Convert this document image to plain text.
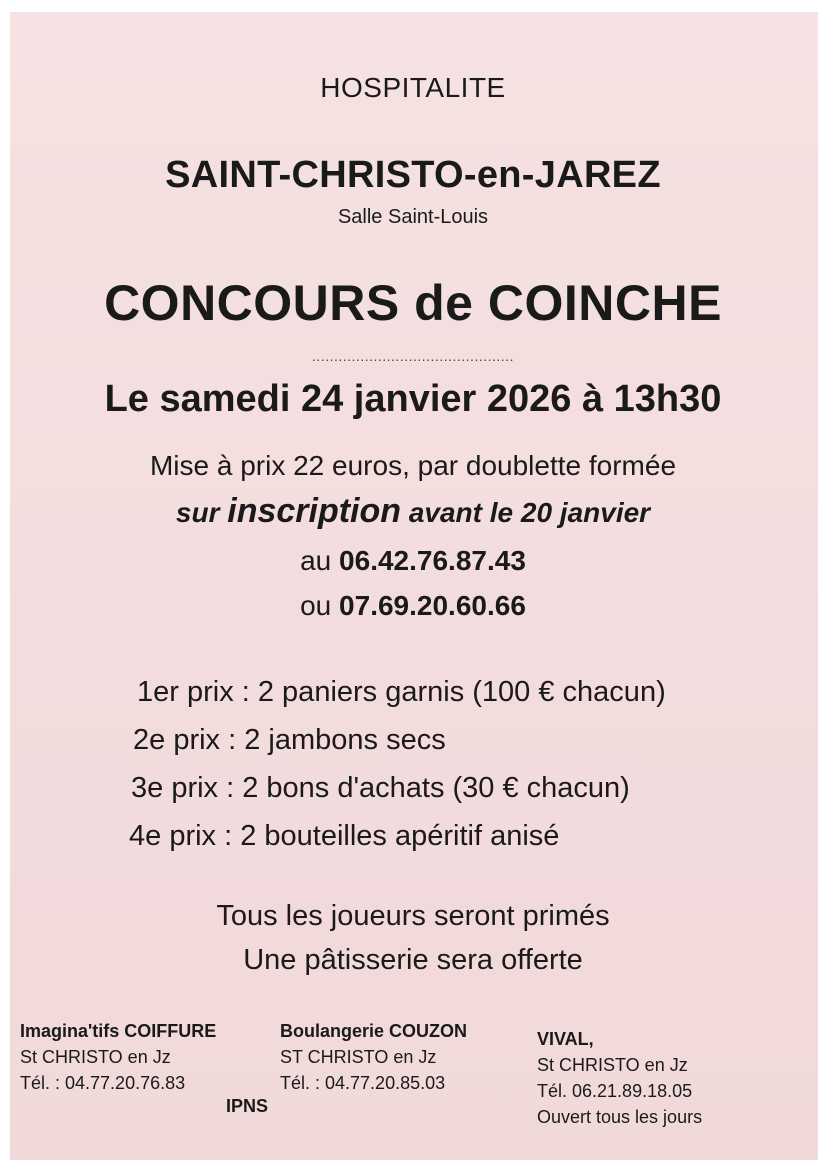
HOSPITALITE
SAINT-CHRISTO-en-JAREZ
Salle Saint-Louis
CONCOURS de COINCHE
..............................................
Le samedi 24 janvier 2026 à 13h30
Mise à prix 22 euros, par doublette formée
sur inscription avant le 20 janvier
au 06.42.76.87.43
ou 07.69.20.60.66
1er prix : 2 paniers garnis (100 € chacun)
2e prix : 2 jambons secs
3e prix : 2 bons d'achats (30 € chacun)
4e prix : 2 bouteilles apéritif anisé
Tous les joueurs seront primés
Une pâtisserie sera offerte
Imagina'tifs COIFFURE
St CHRISTO en Jz
Tél. : 04.77.20.76.83
Boulangerie COUZON
ST CHRISTO en Jz
Tél. : 04.77.20.85.03
VIVAL,
St CHRISTO en Jz
Tél. 06.21.89.18.05
Ouvert tous les jours
IPNS
